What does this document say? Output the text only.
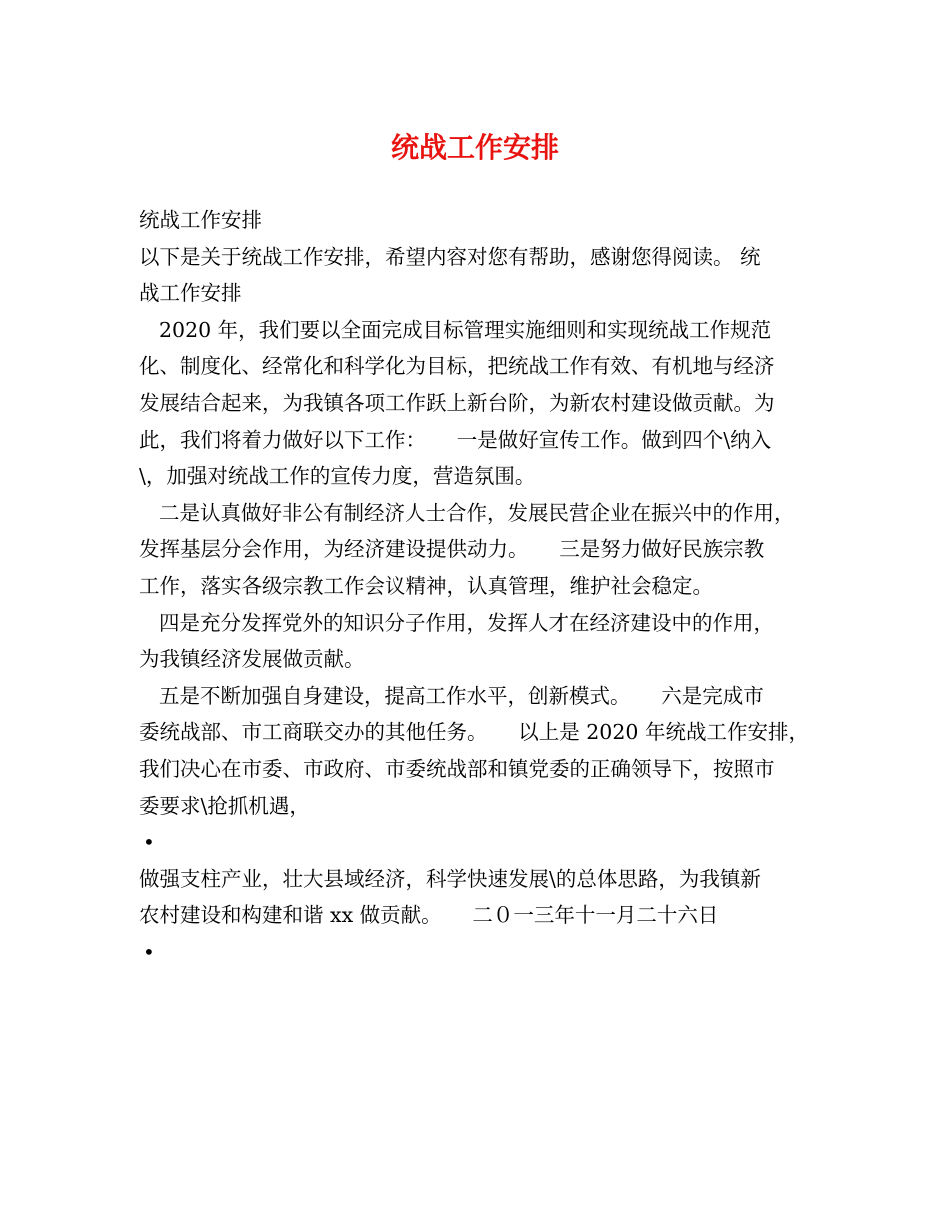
统战工作安排
统战工作安排
以下是关于统战工作安排，希望内容对您有帮助，感谢您得阅读。 统
战工作安排
2020 年，我们要以全面完成目标管理实施细则和实现统战工作规范
化、制度化、经常化和科学化为目标，把统战工作有效、有机地与经济
发展结合起来，为我镇各项工作跃上新台阶，为新农村建设做贡献。为
此，我们将着力做好以下工作：　　一是做好宣传工作。做到四个\纳入
\，加强对统战工作的宣传力度，营造氛围。
二是认真做好非公有制经济人士合作，发展民营企业在振兴中的作用，
发挥基层分会作用，为经济建设提供动力。　　三是努力做好民族宗教
工作，落实各级宗教工作会议精神，认真管理，维护社会稳定。
四是充分发挥党外的知识分子作用，发挥人才在经济建设中的作用，
为我镇经济发展做贡献。
五是不断加强自身建设，提高工作水平，创新模式。　　六是完成市
委统战部、市工商联交办的其他任务。　　以上是 2020 年统战工作安排，
我们决心在市委、市政府、市委统战部和镇党委的正确领导下，按照市
委要求\抢抓机遇，
•
做强支柱产业，壮大县域经济，科学快速发展\的总体思路，为我镇新
农村建设和构建和谐 xx 做贡献。　　二０一三年十一月二十六日
•
